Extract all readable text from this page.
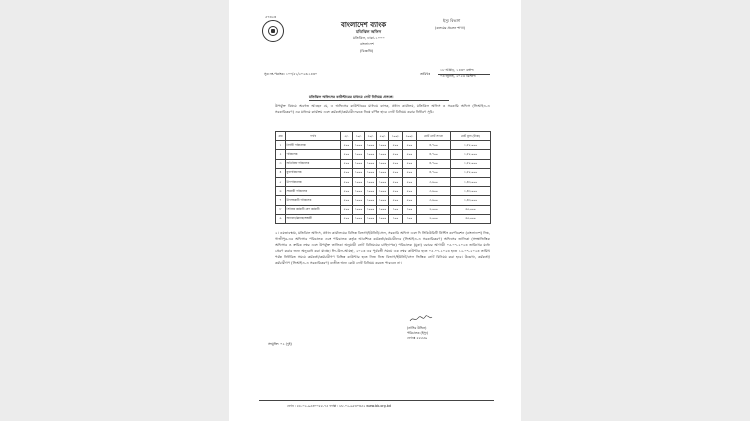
৫৭৩২৩
বাংলাদেশ ব্যাংক
মতিঝিল অফিস
মতিঝিল, ঢাকা-১০০০
বাংলাদেশ
(বিজ্ঞপ্তি)
ইস্যু বিভাগ
(কলমের প্রচলন শাখা)
সূত্র নং-পত্রাংক: ১০০/৫১/২০২৩-১৪৩০	তারিখঃ
১৮ আষাঢ়, ১৪৩০ বঙ্গাব্দ
০৩ জুলাই, ২০২৩ খ্রিস্টাব্দ
মতিঝিল অফিসের কাউন্টারের মাধ্যমে নোট বিনিময় প্রসঙ্গে।
উপর্যুক্ত বিষয়ে অবগত আছেন যে, এ অফিসের কাউন্টারের মাধ্যমে ব্যাংক, প্রধান কার্যালয়, মতিঝিল অফিস ও সরকারি অফিস (সিআইএ-এ সরকারিকরণ) এর মাধ্যমে কার্যক্রম এবং কর্মকর্তা/কর্মচারীদেরকে নিম্নে বর্ণিত হারে নোট বিনিময় করার নির্ধারণ সূচি:
ক্রম	পদবি	৫/-	১০/-	২০/-	৫০/-	১০০/-	২০০/-	মোট নোট সংখ্যা	মোট মূল্য (টাকা)
১	নির্বাহী পরিচালক	৫০০	১০০০	১০০০	১০০০	৫০০	৫০০	৪,৭০০	১,৮৫,০০০
২	পরিচালক	৫০০	১০০০	১০০০	১০০০	৫০০	৫০০	৪,৭০০	১,৮৫,০০০
৩	অতিরিক্ত পরিচালক	৫০০	১০০০	১০০০	১০০০	৫০০	৫০০	৪,৭০০	১,৮৫,০০০
৪	যুগ্মপরিচালক	৫০০	১০০০	১০০০	১০০০	৫০০	৫০০	৪,৭০০	১,৮৫,০০০
৫	উপপরিচালক	৫০০	১০০০	১০০০	১০০০	৫০০	৫০০	৩,৯০০	১,৪৩,০০০
৬	সহকারী পরিচালক	৫০০	১০০০	১০০০	১০০০	৫০০	৫০০	৩,৯০০	১,৪৩,০০০
৭	উপসহকারী পরিচালক	৫০০	১০০০	১০০০	১০০০	৫০০	৫০০	৩,৯০০	১,৪৩,০০০
৮	সিনিয়র কর্মচারী গ্রুপ কর্মচারী	৫০০	১০০০	১০০০	১০০০	১০০	১০০	২,০০০	৬৫,০০০
৯	অন্যান্য/ক্লিনার/অস্থায়ী	৫০০	১০০০	১০০০	১০০০	১০০	১০০	২,০০০	৬৫,০০০
২। এমতাবস্থায়, মতিঝিল অফিস, প্রধান কার্যালয়ের বিভিন্ন বিভাগ/ইউনিট/সেল, সরকারি অফিস এবং দি সিকিউরিটি প্রিন্টিং কর্পোরেশন (বাংলাদেশ) লিঃ, গাজীপুর-এর অফিসার পরিচালক এবং পরিচালক কর্তৃক আবশ্যিক কর্মকর্তা/কর্মচারীদের (সিআইএ-এ সরকারিকরণ) অফিসের তালিকা (সংস্থাভিত্তিক অফিসার ও ক্রমিক নম্বর এবং উপর্যুক্ত তালিকা অনুযায়ী নোট বিনিময়ের চাহিদাপত্র) পরিচালক (মুদ্রা) বরাবর আগামী ০৫.০৭.২০২৩ তারিখের মধ্যে প্রেরণ করার জন্য অনুরোধ করা যাচ্ছে। ঈদ-উল-আযহা, ২০২৩ এর পূর্ববর্তী সময়ে এক নম্বর কাউন্টার হতে ০৫.০৭.২০২৩ হতে ১২.০৭.২০২৩ তারিখ পর্যন্ত নির্ধারিত সময়ে কর্মকর্তা/কর্মচারীগণ বিভিন্ন কাউন্টার হতে নিজ নিজ বিভাগ/ইউনিট/সেল ভিত্তিক নোট বিনিময় করা হবে। উল্লেখ্য, কর্মকর্তা/কর্মচারীগণ (সিআইএ-এ সরকারিকরণ) ব্যতীত অন্য কেউ নোট বিনিময় করতে পারবেন না।
(নাসির উদ্দিন)
পরিচালক (ইস্যু)
ফোনঃ ৫৫৫৫৯
সংযুক্তি: ০২ (দুই)
ফোন : ৮৮-০২-৯৫৩০০৫৫-৭৫ ফ্যাক্স : ৮৮-০২-৯৫৩০৩৫২ www.bb.org.bd
